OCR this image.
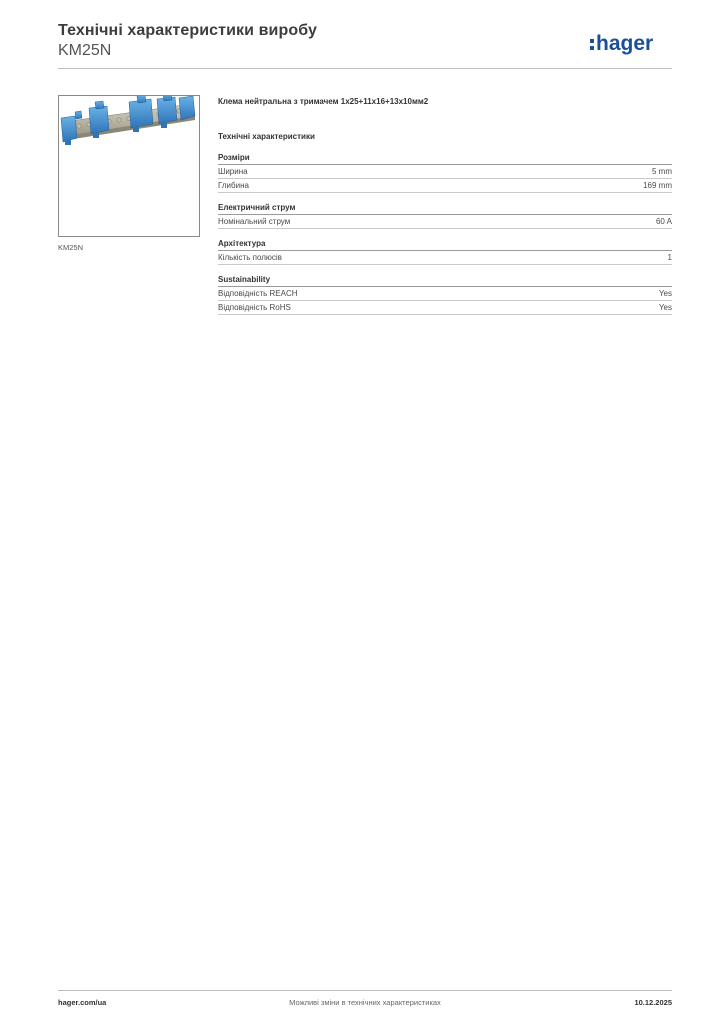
Технічні характеристики виробу
KM25N	hager
KM25N
Клема нейтральна з тримачем 1х25+11х16+13х10мм2
Технічні характеристики
Розміри
Ширина	5 mm
Глибина	169 mm
Електричний струм
Номінальний струм	60 A
Архітектура
Кількість полюсів	1
Sustainability
Відповідність REACH	Yes
Відповідність RoHS	Yes
hager.com/ua	Можливі зміни в технічних характеристиках	10.12.2025
